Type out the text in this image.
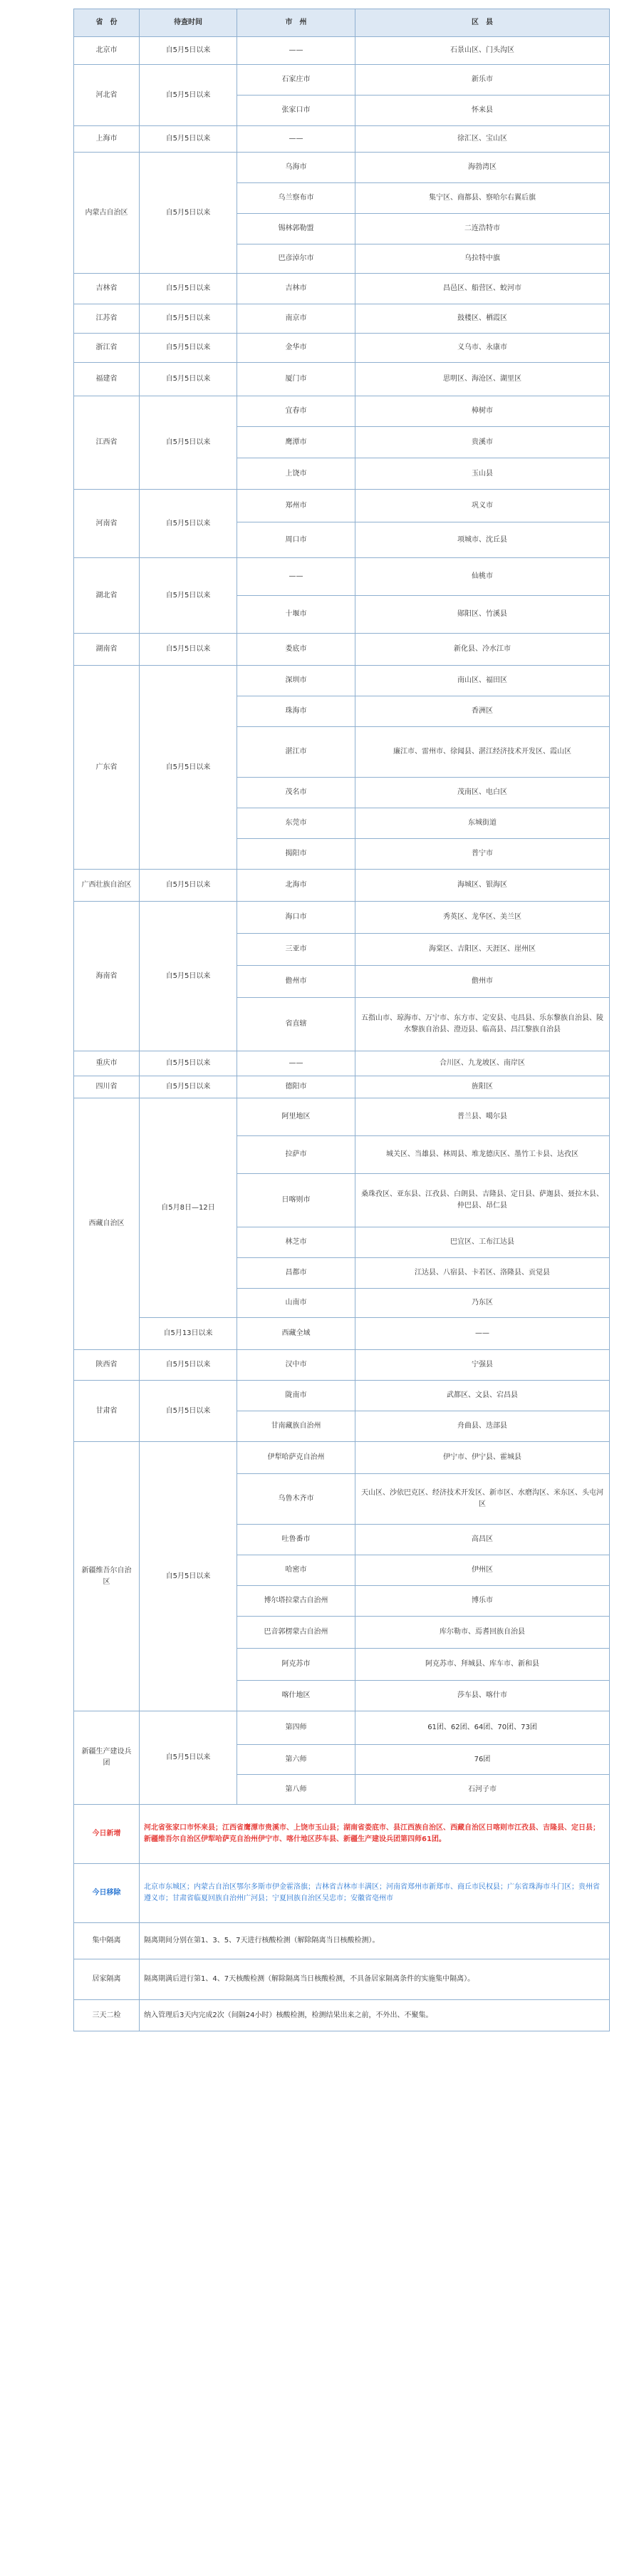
省　份	待查时间	市　州	区　县
北京市	自5月5日以来	——	石景山区、门头沟区
河北省	自5月5日以来	石家庄市	新乐市
		张家口市	怀来县
上海市	自5月5日以来	——	徐汇区、宝山区
内蒙古自治区	自5月5日以来	乌海市	海勃湾区
		乌兰察布市	集宁区、商都县、察哈尔右翼后旗
		锡林郭勒盟	二连浩特市
		巴彦淖尔市	乌拉特中旗
吉林省	自5月5日以来	吉林市	昌邑区、船营区、蛟河市
江苏省	自5月5日以来	南京市	鼓楼区、栖霞区
浙江省	自5月5日以来	金华市	义乌市、永康市
福建省	自5月5日以来	厦门市	思明区、海沧区、湖里区
江西省	自5月5日以来	宜春市	樟树市
		鹰潭市	贵溪市
		上饶市	玉山县
河南省	自5月5日以来	郑州市	巩义市
		周口市	项城市、沈丘县
湖北省	自5月5日以来	——	仙桃市
		十堰市	郧阳区、竹溪县
湖南省	自5月5日以来	娄底市	新化县、冷水江市
广东省	自5月5日以来	深圳市	南山区、福田区
		珠海市	香洲区
		湛江市	廉江市、雷州市、徐闻县、湛江经济技术开发区、霞山区
		茂名市	茂南区、电白区
		东莞市	东城街道
		揭阳市	普宁市
广西壮族自治区	自5月5日以来	北海市	海城区、银海区
海南省	自5月5日以来	海口市	秀英区、龙华区、美兰区
		三亚市	海棠区、吉阳区、天涯区、崖州区
		儋州市	儋州市
		省直辖	五指山市、琼海市、万宁市、东方市、定安县、屯昌县、乐东黎族自治县、陵水黎族自治县、澄迈县、临高县、昌江黎族自治县
重庆市	自5月5日以来	——	合川区、九龙坡区、南岸区
四川省	自5月5日以来	德阳市	旌阳区
西藏自治区	自5月8日—12日	阿里地区	普兰县、噶尔县
		拉萨市	城关区、当雄县、林周县、堆龙德庆区、墨竹工卡县、达孜区
		日喀则市	桑珠孜区、亚东县、江孜县、白朗县、吉隆县、定日县、萨迦县、聂拉木县、仲巴县、昂仁县
		林芝市	巴宜区、工布江达县
		昌都市	江达县、八宿县、卡若区、洛隆县、贡觉县
		山南市	乃东区
	自5月13日以来	西藏全域	——
陕西省	自5月5日以来	汉中市	宁强县
甘肃省	自5月5日以来	陇南市	武都区、文县、宕昌县
		甘南藏族自治州	舟曲县、迭部县
新疆维吾尔自治区	自5月5日以来	伊犁哈萨克自治州	伊宁市、伊宁县、霍城县
		乌鲁木齐市	天山区、沙依巴克区、经济技术开发区、新市区、水磨沟区、米东区、头屯河区
		吐鲁番市	高昌区
		哈密市	伊州区
		博尔塔拉蒙古自治州	博乐市
		巴音郭楞蒙古自治州	库尔勒市、焉耆回族自治县
		阿克苏市	阿克苏市、拜城县、库车市、新和县
		喀什地区	莎车县、喀什市
新疆生产建设兵团	自5月5日以来	第四师	61团、62团、64团、70团、73团
		第六师	76团
		第八师	石河子市
今日新增	河北省张家口市怀来县；江西省鹰潭市贵溪市、上饶市玉山县；湖南省娄底市、县江西族自治区、西藏自治区日喀则市江孜县、吉隆县、定日县；新疆维吾尔自治区伊犁哈萨克自治州伊宁市、喀什地区莎车县、新疆生产建设兵团第四师61团。		
今日移除	北京市东城区；内蒙古自治区鄂尔多斯市伊金霍洛旗；吉林省吉林市丰满区；河南省郑州市新郑市、商丘市民权县；广东省珠海市斗门区；贵州省遵义市；甘肃省临夏回族自治州广河县；宁夏回族自治区吴忠市；安徽省亳州市		
集中隔离	隔离期间分别在第1、3、5、7天进行核酸检测（解除隔离当日核酸检测）。		
居家隔离	隔离期满后进行第1、4、7天核酸检测（解除隔离当日核酸检测，不具备居家隔离条件的实施集中隔离）。		
三天二检	纳入管理后3天内完成2次（间隔24小时）核酸检测，检测结果出来之前，不外出、不聚集。		
